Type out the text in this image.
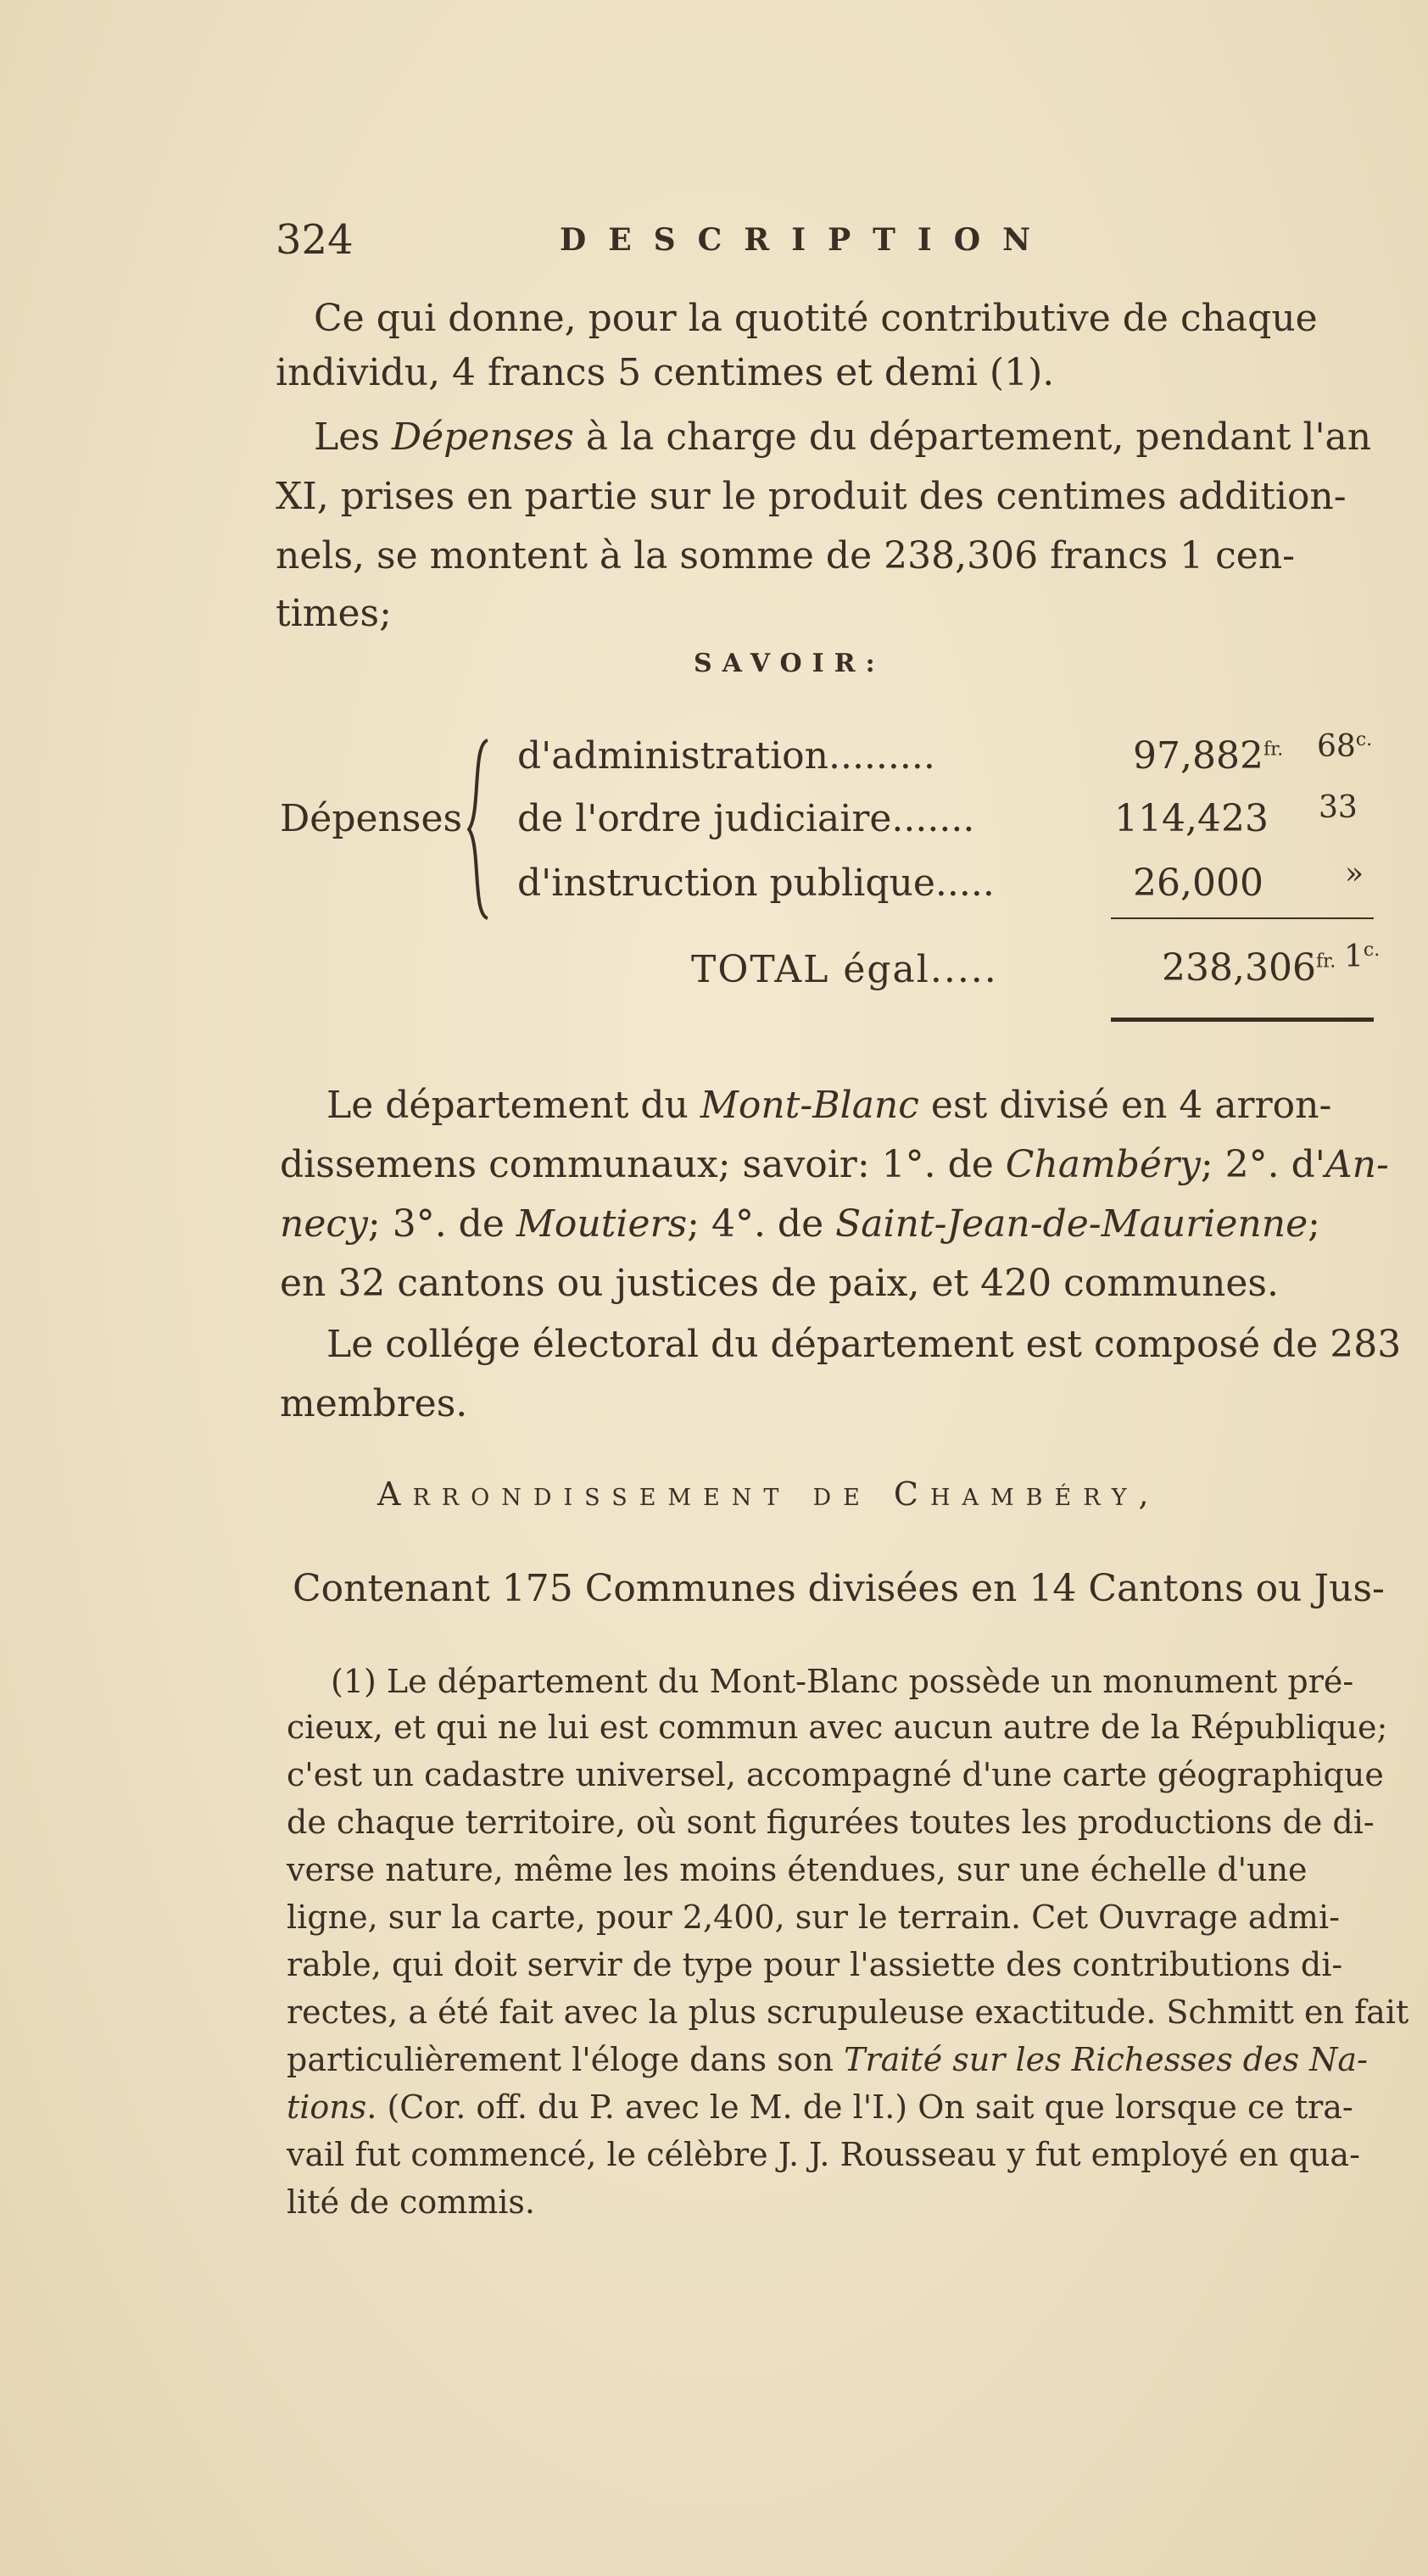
324	DESCRIPTION
Ce qui donne, pour la quotité contributive de chaque
individu, 4 francs 5 centimes et demi (1).
Les Dépenses à la charge du département, pendant l'an
XI, prises en partie sur le produit des centimes addition-
nels, se montent à la somme de 238,306 francs 1 cen-
times;
SAVOIR:
Dépenses
d'administration.........
de l'ordre judiciaire.......
d'instruction publique.....
$97,882^{fr.}$
114,423
26,000
$68^{c.}$
33
»
TOTAL égal.....	$238,306^{fr.}$ $1^{c.}$
Le département du Mont-Blanc est divisé en 4 arron-
dissemens communaux; savoir: 1°. de Chambéry; 2°. d'An-
necy; 3°. de Moutiers; 4°. de Saint-Jean-de-Maurienne;
en 32 cantons ou justices de paix, et 420 communes.
Le collége électoral du département est composé de 283
membres.
Arrondissement de Chambéry,
Contenant 175 Communes divisées en 14 Cantons ou Jus-
(1) Le département du Mont-Blanc possède un monument pré-
cieux, et qui ne lui est commun avec aucun autre de la République;
c'est un cadastre universel, accompagné d'une carte géographique
de chaque territoire, où sont figurées toutes les productions de di-
verse nature, même les moins étendues, sur une échelle d'une
ligne, sur la carte, pour 2,400, sur le terrain. Cet Ouvrage admi-
rable, qui doit servir de type pour l'assiette des contributions di-
rectes, a été fait avec la plus scrupuleuse exactitude. Schmitt en fait
particulièrement l'éloge dans son Traité sur les Richesses des Na-
tions. (Cor. off. du P. avec le M. de l'I.) On sait que lorsque ce tra-
vail fut commencé, le célèbre J. J. Rousseau y fut employé en qua-
lité de commis.
